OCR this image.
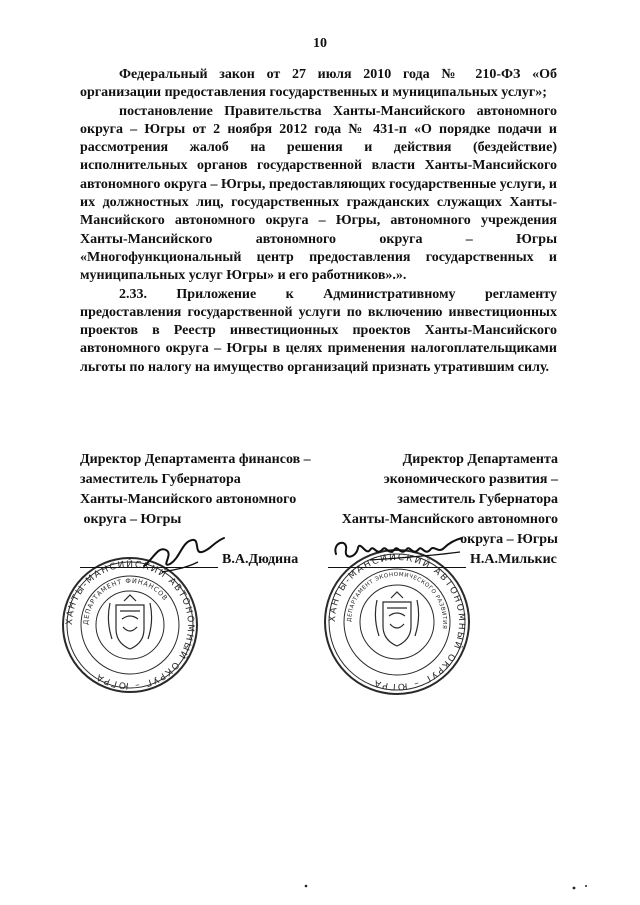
10

Федеральный закон от 27 июля 2010 года № 210-ФЗ «Об организации предоставления государственных и муниципальных услуг»;

постановление Правительства Ханты-Мансийского автономного округа – Югры от 2 ноября 2012 года № 431-п «О порядке подачи и рассмотрения жалоб на решения и действия (бездействие) исполнительных органов государственной власти Ханты-Мансийского автономного округа – Югры, предоставляющих государственные услуги, и их должностных лиц, государственных гражданских служащих Ханты-Мансийского автономного округа – Югры, автономного учреждения Ханты-Мансийского автономного округа – Югры «Многофункциональный центр предоставления государственных и муниципальных услуг Югры» и его работников».».

2.33. Приложение к Административному регламенту предоставления государственной услуги по включению инвестиционных проектов в Реестр инвестиционных проектов Ханты-Мансийского автономного округа – Югры в целях применения налогоплательщиками льготы по налогу на имущество организаций признать утратившим силу.

Директор Департамента финансов –
заместитель Губернатора
Ханты-Мансийского автономного
округа – Югры
Директор Департамента
экономического развития –
заместитель Губернатора
Ханты-Мансийского автономного
округа – Югры
ХАНТЫ-МАНСИЙСКИЙ АВТОНОМНЫЙ ОКРУГ – ЮГРА
ДЕПАРТАМЕНТ ФИНАНСОВ
В.А.Дюдина
ХАНТЫ-МАНСИЙСКИЙ АВТОНОМНЫЙ ОКРУГ – ЮГРА
ДЕПАРТАМЕНТ ЭКОНОМИЧЕСКОГО РАЗВИТИЯ
Н.А.Милькис
